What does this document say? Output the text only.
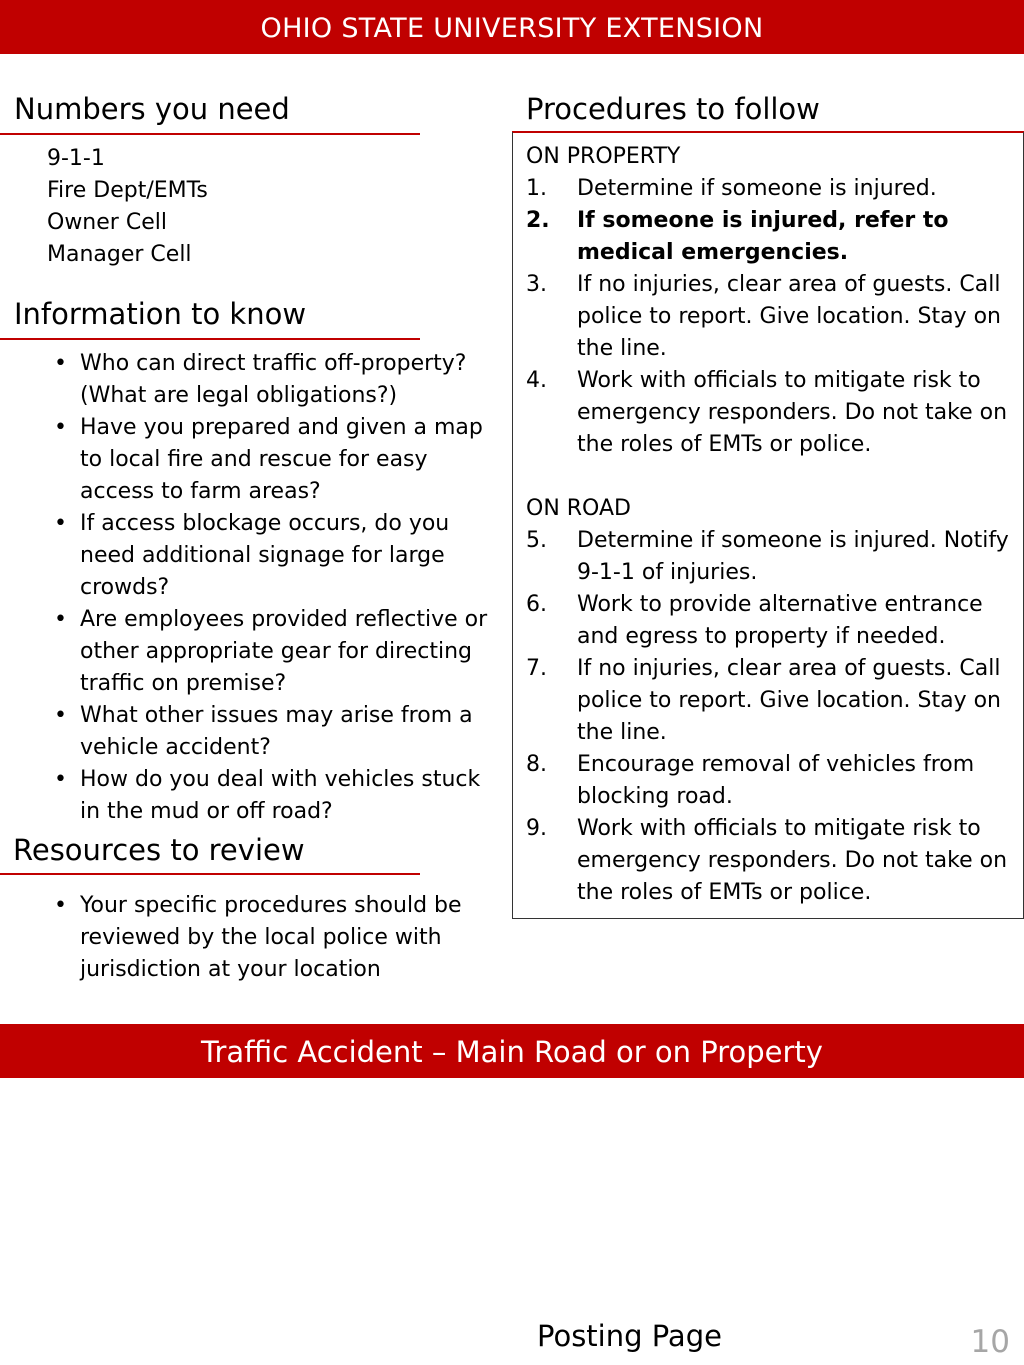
OHIO STATE UNIVERSITY EXTENSION
Numbers you need
9-1-1
Fire Dept/EMTs
Owner Cell
Manager Cell
Information to know
• Who can direct traffic off-property? (What are legal obligations?)
• Have you prepared and given a map to local fire and rescue for easy access to farm areas?
• If access blockage occurs, do you need additional signage for large crowds?
• Are employees provided reflective or other appropriate gear for directing traffic on premise?
• What other issues may arise from a vehicle accident?
• How do you deal with vehicles stuck in the mud or off road?
Resources to review
• Your specific procedures should be reviewed by the local police with jurisdiction at your location
Procedures to follow
ON PROPERTY
1. Determine if someone is injured.
2. If someone is injured, refer to medical emergencies.
3. If no injuries, clear area of guests. Call police to report. Give location. Stay on the line.
4. Work with officials to mitigate risk to emergency responders. Do not take on the roles of EMTs or police.
ON ROAD
5. Determine if someone is injured. Notify 9-1-1 of injuries.
6. Work to provide alternative entrance and egress to property if needed.
7. If no injuries, clear area of guests. Call police to report. Give location. Stay on the line.
8. Encourage removal of vehicles from blocking road.
9. Work with officials to mitigate risk to emergency responders. Do not take on the roles of EMTs or police.
Traffic Accident – Main Road or on Property
Posting Page	10
